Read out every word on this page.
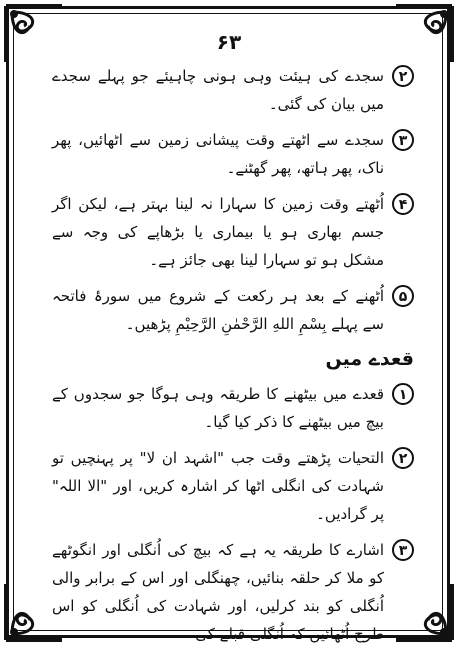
۶۳
۲
سجدے کی ہیئت وہی ہونی چاہیئے جو پہلے سجدے میں بیان کی گئی۔
۳
سجدے سے اٹھتے وقت پیشانی زمین سے اٹھائیں، پھر ناک، پھر ہاتھ، پھر گھٹنے۔
۴
اُٹھتے وقت زمین کا سہارا نہ لینا بہتر ہے، لیکن اگر جسم بھاری ہو یا بیماری یا بڑھاپے کی وجہ سے مشکل ہو تو سہارا لینا بھی جائز ہے۔
۵
اُٹھنے کے بعد ہر رکعت کے شروع میں سورۂ فاتحہ سے پہلے بِسْمِ اللهِ الرَّحْمٰنِ الرَّحِيْمِ پڑھیں۔
قعدے میں
۱
قعدے میں بیٹھنے کا طریقہ وہی ہوگا جو سجدوں کے بیچ میں بیٹھنے کا ذکر کیا گیا۔
۲
التحیات پڑھتے وقت جب "اشہد ان لا" پر پہنچیں تو شہادت کی انگلی اٹھا کر اشارہ کریں، اور "الا اللہ" پر گرادیں۔
۳
اشارے کا طریقہ یہ ہے کہ بیچ کی اُنگلی اور انگوٹھے کو ملا کر حلقہ بنائیں، چھنگلی اور اس کے برابر والی اُنگلی کو بند کرلیں، اور شہادت کی اُنگلی کو اس طرح اُٹھائیں کہ اُنگلی قبلے کی
